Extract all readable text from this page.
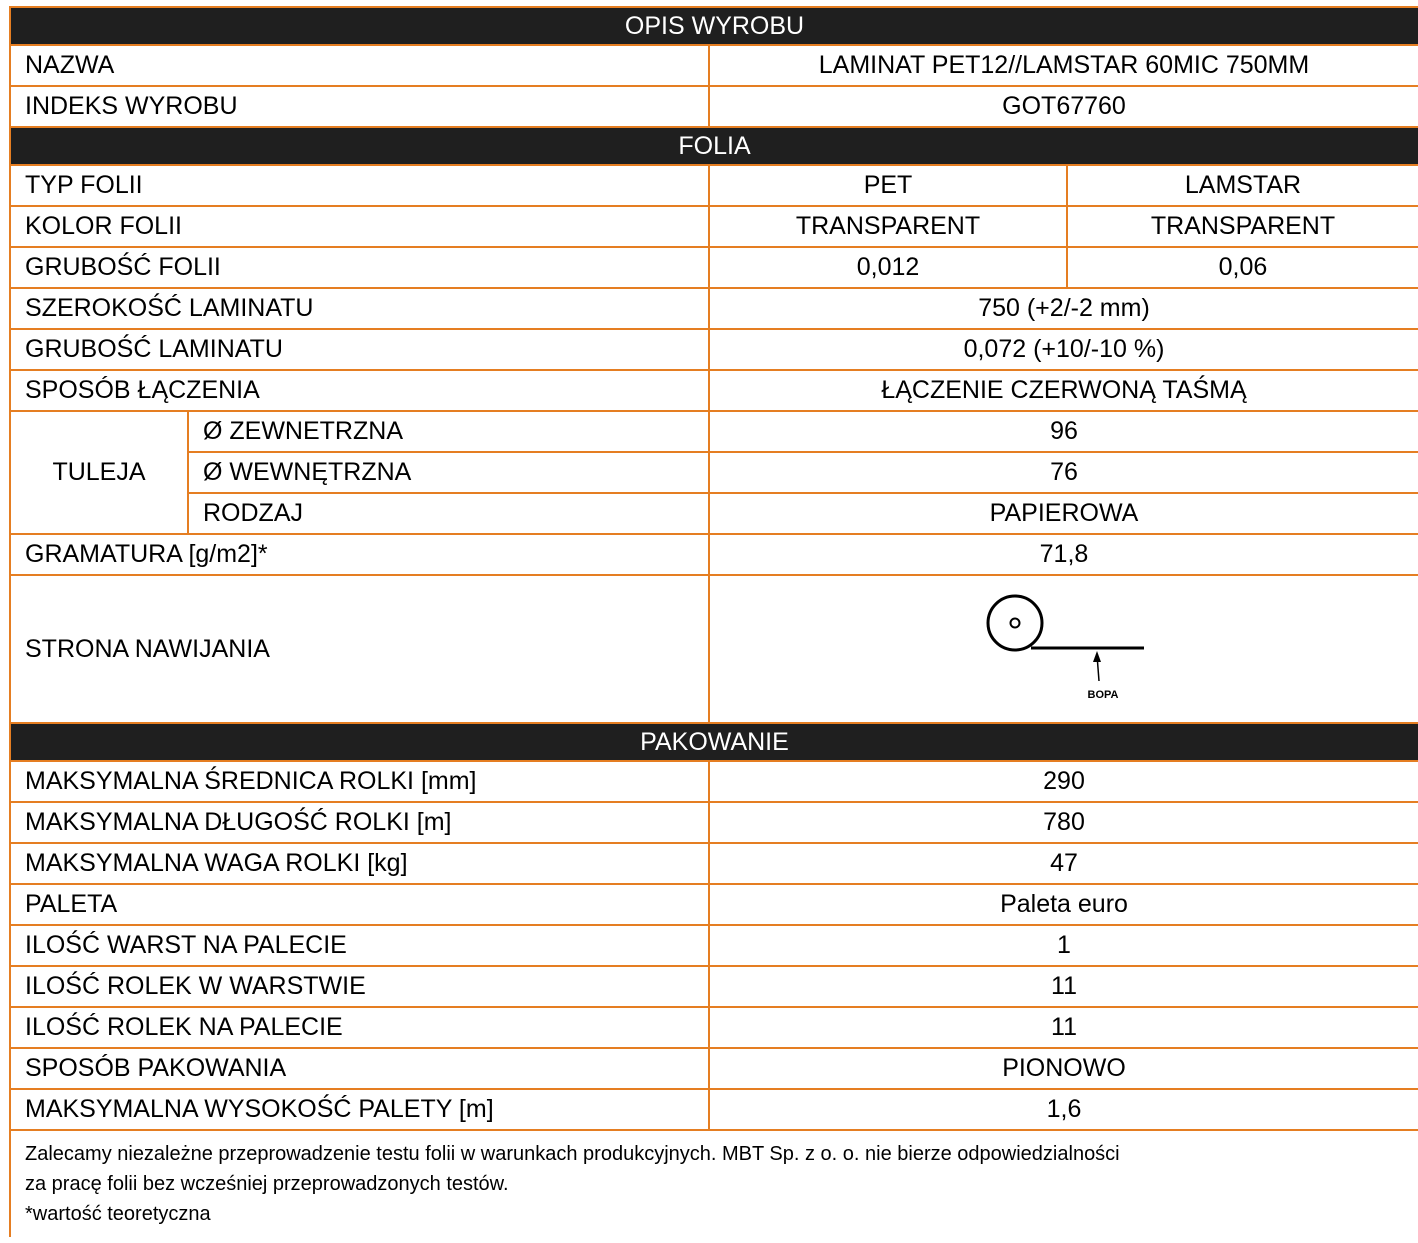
OPIS WYROBU			
NAZWA		LAMINAT PET12//LAMSTAR 60MIC 750MM	
INDEKS WYROBU		GOT67760	
FOLIA			
TYP FOLII		PET	LAMSTAR
KOLOR FOLII		TRANSPARENT	TRANSPARENT
GRUBOŚĆ FOLII		0,012	0,06
SZEROKOŚĆ LAMINATU		750 (+2/-2 mm)	
GRUBOŚĆ LAMINATU		0,072 (+10/-10 %)	
SPOSÓB ŁĄCZENIA		ŁĄCZENIE CZERWONĄ TAŚMĄ	
TULEJA	Ø ZEWNETRZNA	96	
	Ø WEWNĘTRZNA	76	
	RODZAJ	PAPIEROWA	
GRAMATURA [g/m2]*		71,8	
STRONA NAWIJANIA		BOPA	

PAKOWANIE			
MAKSYMALNA ŚREDNICA ROLKI [mm]		290	
MAKSYMALNA DŁUGOŚĆ ROLKI [m]		780	
MAKSYMALNA WAGA ROLKI [kg]		47	
PALETA		Paleta euro	
ILOŚĆ WARST NA PALECIE		1	
ILOŚĆ ROLEK W WARSTWIE		11	
ILOŚĆ ROLEK NA PALECIE		11	
SPOSÓB PAKOWANIA		PIONOWO	
MAKSYMALNA WYSOKOŚĆ PALETY [m]		1,6	

Zalecamy niezależne przeprowadzenie testu folii w warunkach produkcyjnych. MBT Sp. z o. o. nie bierze odpowiedzialności
za pracę folii bez wcześniej przeprowadzonych testów.
*wartość teoretyczna			
